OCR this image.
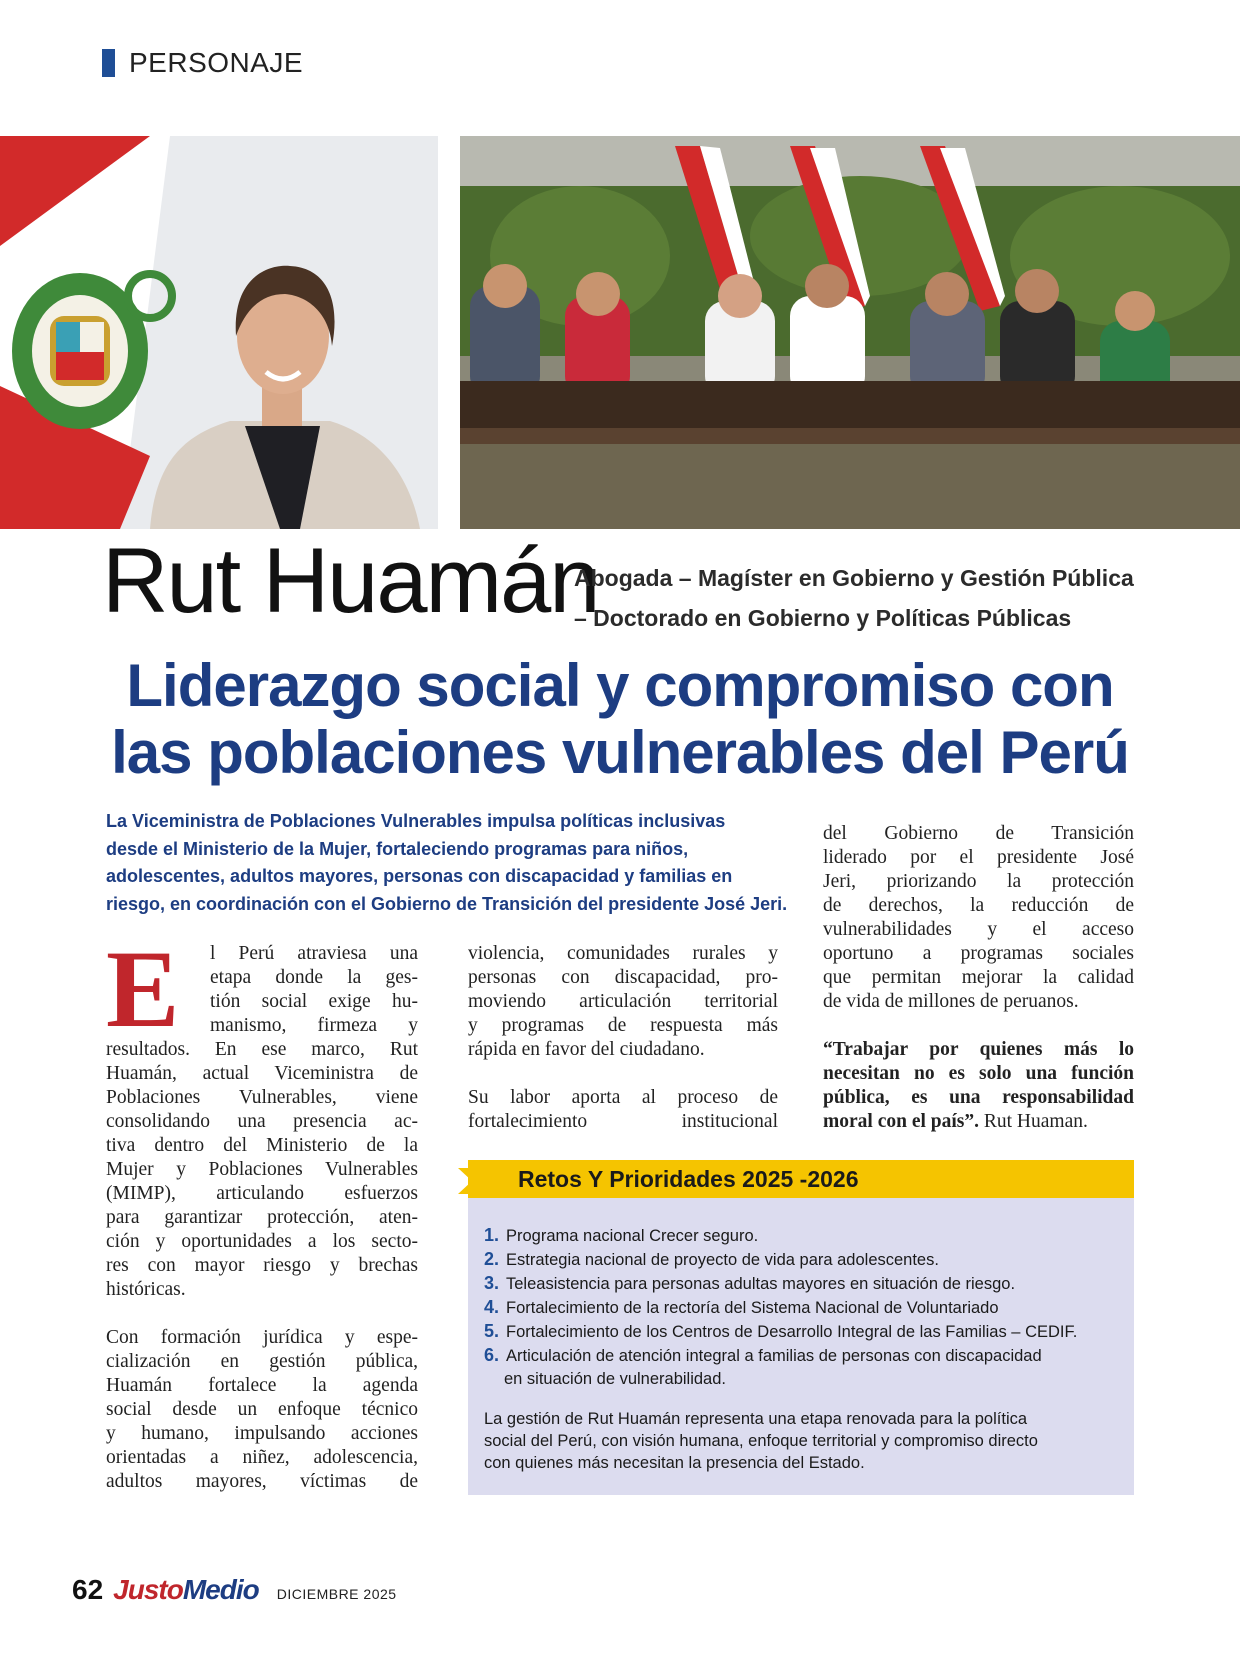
PERSONAJE
Rut Huamán
Abogada – Magíster en Gobierno y Gestión Pública
– Doctorado en Gobierno y Políticas Públicas
Liderazgo social y compromiso con
las poblaciones vulnerables del Perú
La Viceministra de Poblaciones Vulnerables impulsa políticas inclusivas
desde el Ministerio de la Mujer, fortaleciendo programas para niños,
adolescentes, adultos mayores, personas con discapacidad y familias en
riesgo, en coordinación con el Gobierno de Transición del presidente José Jeri.
E	l Perú atraviesa una
etapa donde la ges-
tión social exige hu-
manismo, firmeza y
resultados. En ese marco, Rut
Huamán, actual Viceministra de
Poblaciones Vulnerables, viene
consolidando una presencia ac-
tiva dentro del Ministerio de la
Mujer y Poblaciones Vulnerables
(MIMP), articulando esfuerzos
para garantizar protección, aten-
ción y oportunidades a los secto-
res con mayor riesgo y brechas
históricas.
Con formación jurídica y espe-
cialización en gestión pública,
Huamán fortalece la agenda
social desde un enfoque técnico
y humano, impulsando acciones
orientadas a niñez, adolescencia,
adultos mayores, víctimas de
violencia, comunidades rurales y
personas con discapacidad, pro-
moviendo articulación territorial
y programas de respuesta más
rápida en favor del ciudadano.
Su labor aporta al proceso de
fortalecimiento institucional
del Gobierno de Transición
liderado por el presidente José
Jeri, priorizando la protección
de derechos, la reducción de
vulnerabilidades y el acceso
oportuno a programas sociales
que permitan mejorar la calidad
de vida de millones de peruanos.
“Trabajar por quienes más lo
necesitan no es solo una función
pública, es una responsabilidad
moral con el país”. Rut Huaman.
Retos Y Prioridades 2025 -2026
1. Programa nacional Crecer seguro.
2. Estrategia nacional de proyecto de vida para adolescentes.
3. Teleasistencia para personas adultas mayores en situación de riesgo.
4. Fortalecimiento de la rectoría del Sistema Nacional de Voluntariado
5. Fortalecimiento de los Centros de Desarrollo Integral de las Familias – CEDIF.
6. Articulación de atención integral a familias de personas con discapacidad
en situación de vulnerabilidad.
La gestión de Rut Huamán representa una etapa renovada para la política
social del Perú, con visión humana, enfoque territorial y compromiso directo
con quienes más necesitan la presencia del Estado.
62 Justo Medio DICIEMBRE 2025
